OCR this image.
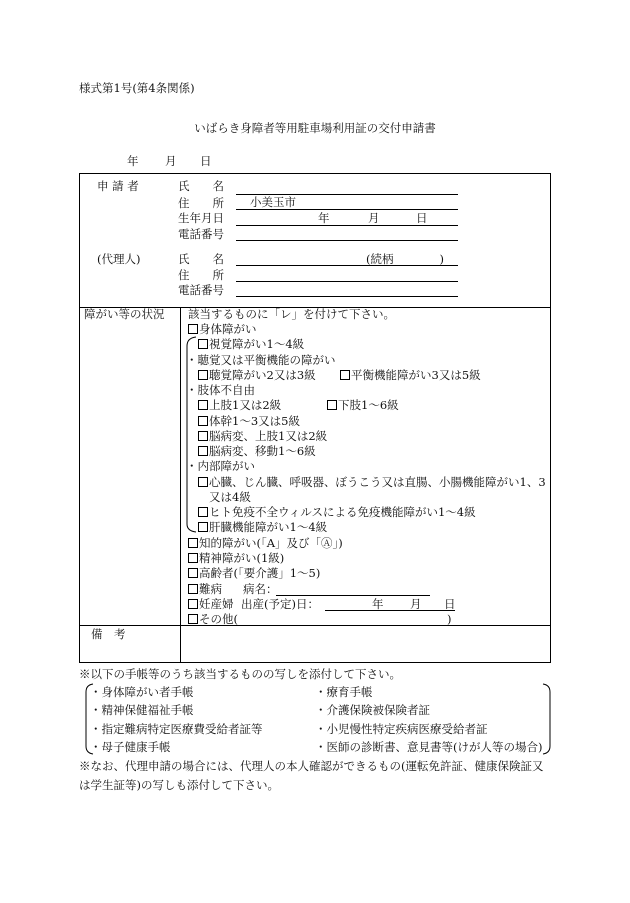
様式第1号(第4条関係)
いばらき身障者等用駐車場利用証の交付申請書
年 月 日
申 請 者	氏　　名
住　　所 小美玉市
生年月日	年	月	日
電話番号
(代理人)	氏　　名	(続柄　　　　)
住　　所
電話番号
障がい等の状況 該当するものに「レ」を付けて下さい。
身体障がい
視覚障がい1～4級
・聴覚又は平衡機能の障がい
聴覚障がい2又は3級	平衡機能障がい3又は5級
・肢体不自由
上肢1又は2級	下肢1～6級
体幹1～3又は5級
脳病変、上肢1又は2級
脳病変、移動1～6級
・内部障がい
心臓、じん臓、呼吸器、ぼうこう又は直腸、小腸機能障がい1、3
又は4級
ヒト免疫不全ウィルスによる免疫機能障がい1～4級
肝臓機能障がい1～4級
知的障がい(「A」及び「Ⓐ」)
精神障がい(1級)
高齢者(「要介護」1～5)
難病 病名：
妊産婦 出産(予定)日：	年 月 日
その他(	)
備　考
※以下の手帳等のうち該当するものの写しを添付して下さい。
・身体障がい者手帳
・精神保健福祉手帳
・指定難病特定医療費受給者証等
・母子健康手帳
・療育手帳
・介護保険被保険者証
・小児慢性特定疾病医療受給者証
・医師の診断書、意見書等(けが人等の場合)
※なお、代理申請の場合には、代理人の本人確認ができるもの(運転免許証、健康保険証又
は学生証等)の写しも添付して下さい。
